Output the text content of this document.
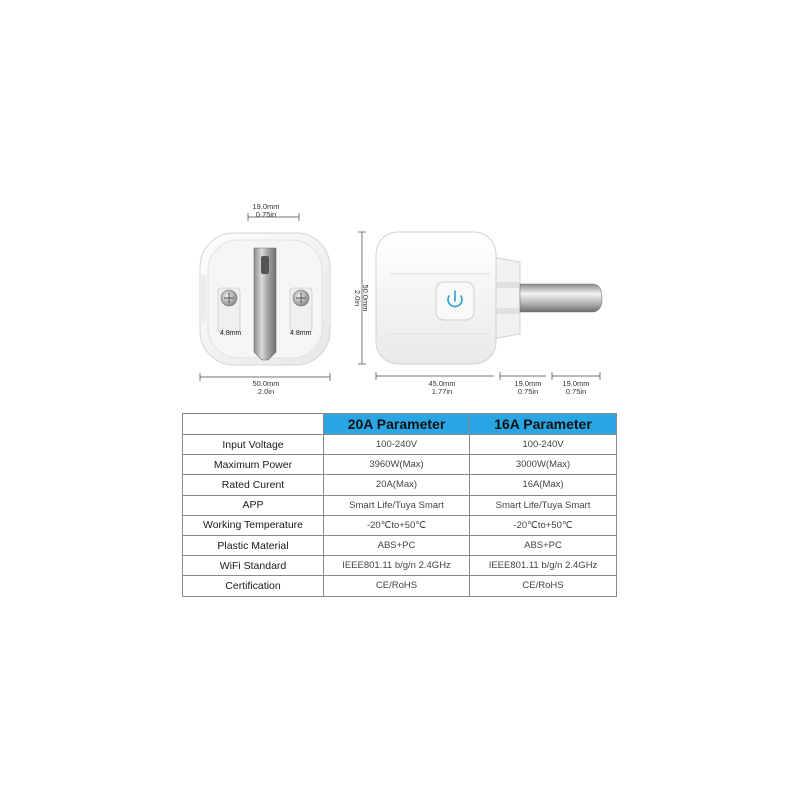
19.0mm
0.75in
4.8mm	4.8mm
50.0mm
2.0in
50.0mm
2.0in
45.0mm
1.77in
19.0mm
0.75in
19.0mm
0.75in
	20A Parameter	16A Parameter
Input Voltage	100-240V	100-240V
Maximum Power	3960W(Max)	3000W(Max)
Rated Curent	20A(Max)	16A(Max)
APP	Smart Life/Tuya Smart	Smart Life/Tuya Smart
Working Temperature	-20℃to+50℃	-20℃to+50℃
Plastic Material	ABS+PC	ABS+PC
WiFi Standard	IEEE801.11 b/g/n 2.4GHz	IEEE801.11 b/g/n 2.4GHz
Certification	CE/RoHS	CE/RoHS
